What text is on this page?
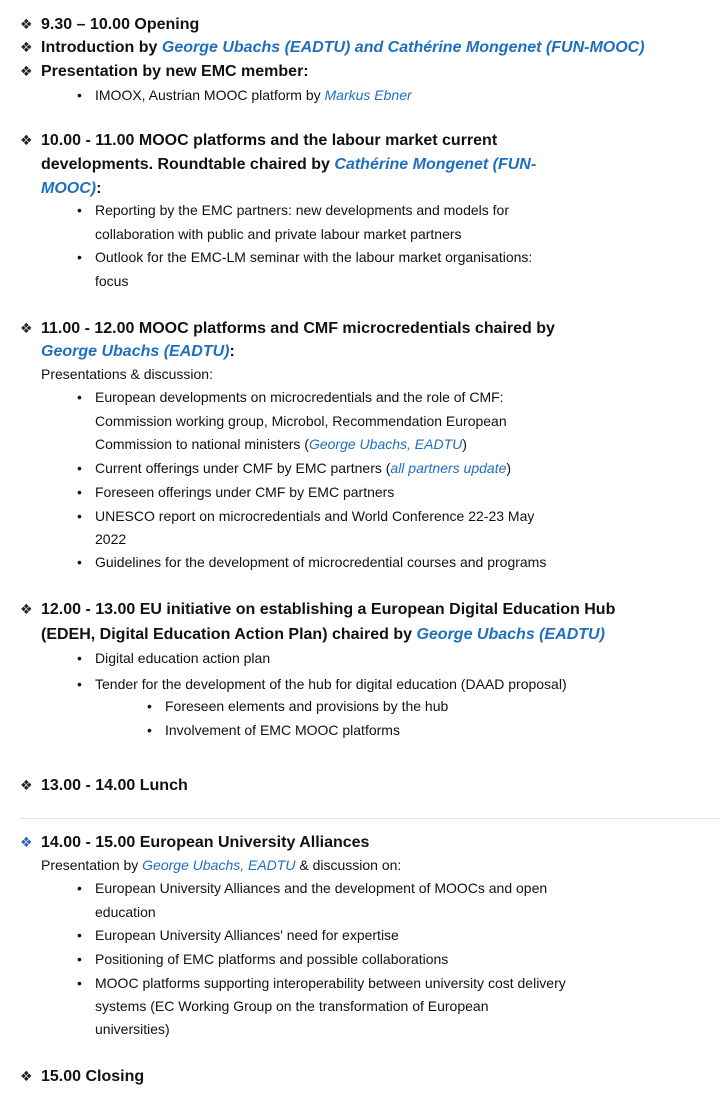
❖ 9.30 – 10.00 Opening
❖ Introduction by George Ubachs (EADTU) and Cathérine Mongenet (FUN-MOOC)
❖ Presentation by new EMC member:
• IMOOX, Austrian MOOC platform by Markus Ebner
❖ 10.00 - 11.00 MOOC platforms and the labour market current
developments. Roundtable chaired by Cathérine Mongenet (FUN-
MOOC):
• Reporting by the EMC partners: new developments and models for
collaboration with public and private labour market partners
• Outlook for the EMC-LM seminar with the labour market organisations:
focus
❖ 11.00 - 12.00 MOOC platforms and CMF microcredentials chaired by
George Ubachs (EADTU):
Presentations & discussion:
• European developments on microcredentials and the role of CMF:
Commission working group, Microbol, Recommendation European
Commission to national ministers (George Ubachs, EADTU)
• Current offerings under CMF by EMC partners (all partners update)
• Foreseen offerings under CMF by EMC partners
• UNESCO report on microcredentials and World Conference 22-23 May
2022
• Guidelines for the development of microcredential courses and programs
❖ 12.00 - 13.00 EU initiative on establishing a European Digital Education Hub
(EDEH, Digital Education Action Plan) chaired by George Ubachs (EADTU)
• Digital education action plan
• Tender for the development of the hub for digital education (DAAD proposal)
• Foreseen elements and provisions by the hub
• Involvement of EMC MOOC platforms
❖ 13.00 - 14.00 Lunch
❖ 14.00 - 15.00 European University Alliances
Presentation by George Ubachs, EADTU & discussion on:
• European University Alliances and the development of MOOCs and open
education
• European University Alliances' need for expertise
• Positioning of EMC platforms and possible collaborations
• MOOC platforms supporting interoperability between university cost delivery
systems (EC Working Group on the transformation of European
universities)
❖ 15.00 Closing
